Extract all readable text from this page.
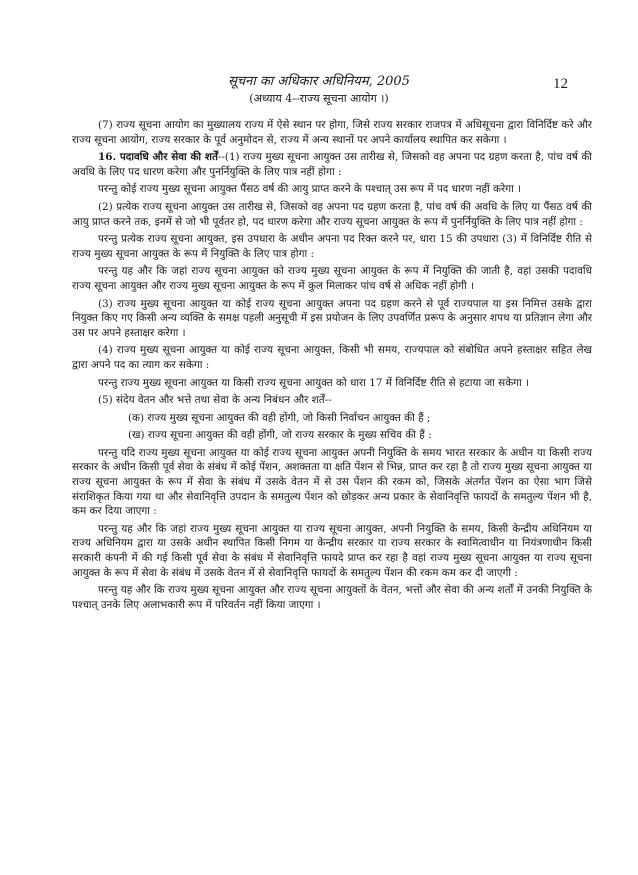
सूचना का अधिकार अधिनियम, 2005
(अध्याय 4--राज्य सूचना आयोग ।)
12

(7) राज्य सूचना आयोग का मुख्यालय राज्य में ऐसे स्थान पर होगा, जिसे राज्य सरकार राजपत्र में अधिसूचना द्वारा विनिर्दिष्ट करे और राज्य सूचना आयोग, राज्य सरकार के पूर्व अनुमोदन से, राज्य में अन्य स्थानों पर अपने कार्यालय स्थापित कर सकेगा ।

16. पदावधि और सेवा की शर्तें--(1) राज्य मुख्य सूचना आयुक्त उस तारीख से, जिसको वह अपना पद ग्रहण करता है, पांच वर्ष की अवधि के लिए पद धारण करेगा और पुनर्नियुक्ति के लिए पात्र नहीं होगा :

परन्तु कोई राज्य मुख्य सूचना आयुक्त पैंसठ वर्ष की आयु प्राप्त करने के पश्चात् उस रूप में पद धारण नहीं करेगा ।

(2) प्रत्येक राज्य सूचना आयुक्त उस तारीख से, जिसको वह अपना पद ग्रहण करता है, पांच वर्ष की अवधि के लिए या पैंसठ वर्ष की आयु प्राप्त करने तक, इनमें से जो भी पूर्वतर हो, पद धारण करेगा और राज्य सूचना आयुक्त के रूप में पुनर्नियुक्ति के लिए पात्र नहीं होगा :

परन्तु प्रत्येक राज्य सूचना आयुक्त, इस उपधारा के अधीन अपना पद रिक्त करने पर, धारा 15 की उपधारा (3) में विनिर्दिष्ट रीति से राज्य मुख्य सूचना आयुक्त के रूप में नियुक्ति के लिए पात्र होगा :

परन्तु यह और कि जहां राज्य सूचना आयुक्त को राज्य मुख्य सूचना आयुक्त के रूप में नियुक्ति की जाती है, वहां उसकी पदावधि राज्य सूचना आयुक्त और राज्य मुख्य सूचना आयुक्त के रूप में कुल मिलाकर पांच वर्ष से अधिक नहीं होगी ।

(3) राज्य मुख्य सूचना आयुक्त या कोई राज्य सूचना आयुक्त अपना पद ग्रहण करने से पूर्व राज्यपाल या इस निमित्त उसके द्वारा नियुक्त किए गए किसी अन्य व्यक्ति के समक्ष पहली अनुसूची में इस प्रयोजन के लिए उपवर्णित प्ररूप के अनुसार शपथ या प्रतिज्ञान लेगा और उस पर अपने हस्ताक्षर करेगा ।

(4) राज्य मुख्य सूचना आयुक्त या कोई राज्य सूचना आयुक्त, किसी भी समय, राज्यपाल को संबोधित अपने हस्ताक्षर सहित लेख द्वारा अपने पद का त्याग कर सकेगा :

परन्तु राज्य मुख्य सूचना आयुक्त या किसी राज्य सूचना आयुक्त को धारा 17 में विनिर्दिष्ट रीति से हटाया जा सकेगा ।

(5) संदेय वेतन और भत्ते तथा सेवा के अन्य निबंधन और शर्तें--

(क) राज्य मुख्य सूचना आयुक्त की वही होंगी, जो किसी निर्वाचन आयुक्त की हैं ;

(ख) राज्य सूचना आयुक्त की वही होंगी, जो राज्य सरकार के मुख्य सचिव की हैं :

परन्तु यदि राज्य मुख्य सूचना आयुक्त या कोई राज्य सूचना आयुक्त अपनी नियुक्ति के समय भारत सरकार के अधीन या किसी राज्य सरकार के अधीन किसी पूर्व सेवा के संबंध में कोई पेंशन, अशक्तता या क्षति पेंशन से भिन्न, प्राप्त कर रहा है तो राज्य मुख्य सूचना आयुक्त या राज्य सूचना आयुक्त के रूप में सेवा के संबंध में उसके वेतन में से उस पेंशन की रकम को, जिसके अंतर्गत पेंशन का ऐसा भाग जिसे संराशिकृत किया गया था और सेवानिवृत्ति उपदान के समतुल्य पेंशन को छोड़कर अन्य प्रकार के सेवानिवृत्ति फायदों के समतुल्य पेंशन भी है, कम कर दिया जाएगा :

परन्तु यह और कि जहां राज्य मुख्य सूचना आयुक्त या राज्य सूचना आयुक्त, अपनी नियुक्ति के समय, किसी केन्द्रीय अधिनियम या राज्य अधिनियम द्वारा या उसके अधीन स्थापित किसी निगम या केन्द्रीय सरकार या राज्य सरकार के स्वामित्वाधीन या नियंत्रणाधीन किसी सरकारी कंपनी में की गई किसी पूर्व सेवा के संबंध में सेवानिवृत्ति फायदे प्राप्त कर रहा है वहां राज्य मुख्य सूचना आयुक्त या राज्य सूचना आयुक्त के रूप में सेवा के संबंध में उसके वेतन में से सेवानिवृत्ति फायदों के समतुल्य पेंशन की रकम कम कर दी जाएगी :

परन्तु यह और कि राज्य मुख्य सूचना आयुक्त और राज्य सूचना आयुक्तों के वेतन, भत्तों और सेवा की अन्य शर्तों में उनकी नियुक्ति के पश्चात् उनके लिए अलाभकारी रूप में परिवर्तन नहीं किया जाएगा ।
